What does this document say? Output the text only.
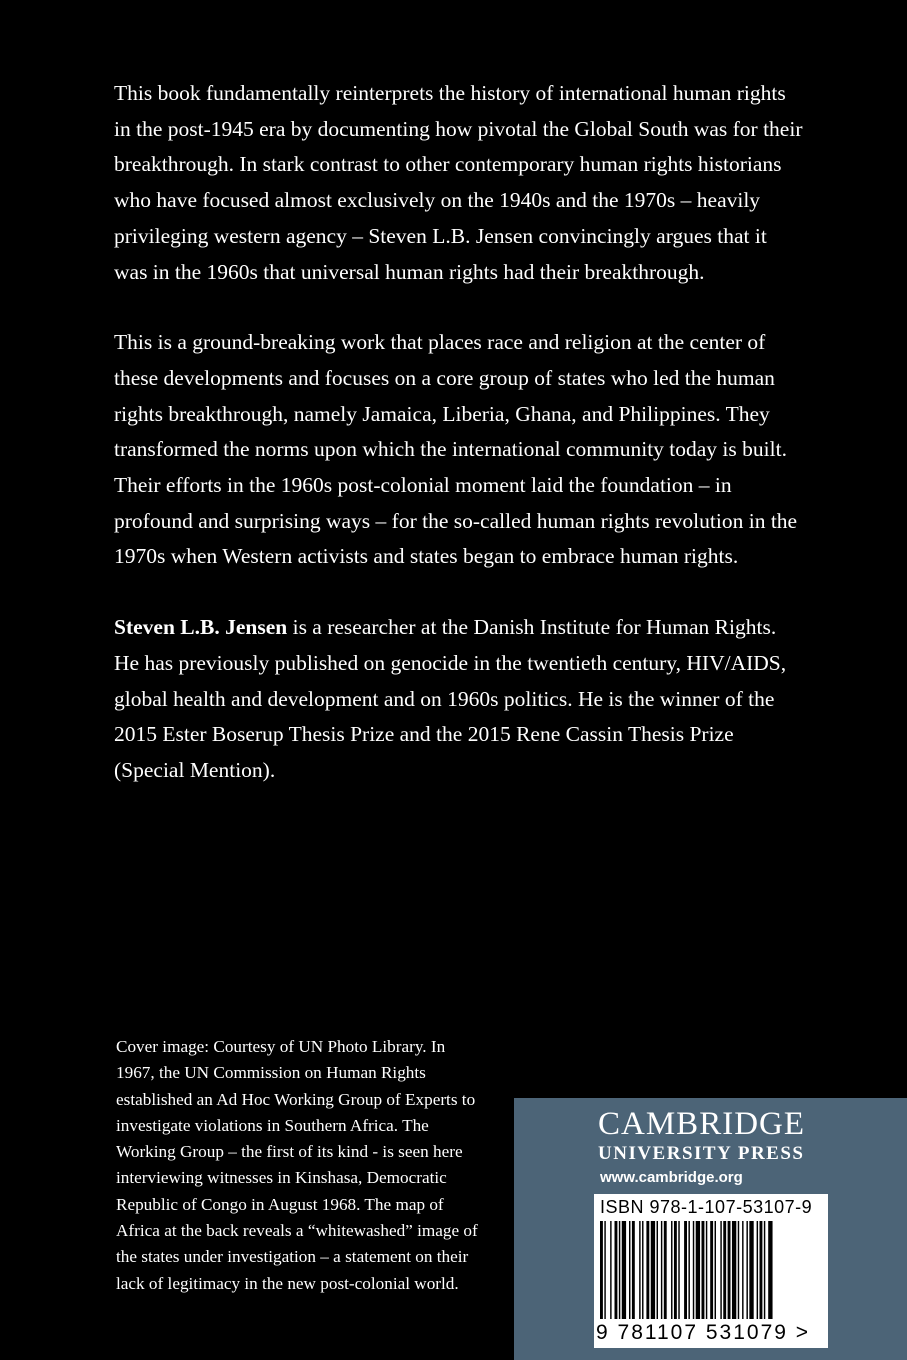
This book fundamentally reinterprets the history of international human rights in the post-1945 era by documenting how pivotal the Global South was for their breakthrough. In stark contrast to other contemporary human rights historians who have focused almost exclusively on the 1940s and the 1970s – heavily privileging western agency – Steven L.B. Jensen convincingly argues that it was in the 1960s that universal human rights had their breakthrough.

This is a ground-breaking work that places race and religion at the center of these developments and focuses on a core group of states who led the human rights breakthrough, namely Jamaica, Liberia, Ghana, and Philippines. They transformed the norms upon which the international community today is built. Their efforts in the 1960s post-colonial moment laid the foundation – in profound and surprising ways – for the so-called human rights revolution in the 1970s when Western activists and states began to embrace human rights.

Steven L.B. Jensen is a researcher at the Danish Institute for Human Rights. He has previously published on genocide in the twentieth century, HIV/AIDS, global health and development and on 1960s politics. He is the winner of the 2015 Ester Boserup Thesis Prize and the 2015 Rene Cassin Thesis Prize (Special Mention).

Cover image: Courtesy of UN Photo Library. In 1967, the UN Commission on Human Rights established an Ad Hoc Working Group of Experts to investigate violations in Southern Africa. The Working Group – the first of its kind - is seen here interviewing witnesses in Kinshasa, Democratic Republic of Congo in August 1968. The map of Africa at the back reveals a “whitewashed” image of the states under investigation – a statement on their lack of legitimacy in the new post-colonial world.
CAMBRIDGE
UNIVERSITY PRESS
www.cambridge.org
ISBN 978-1-107-53107-9
9 781107 531079 >
